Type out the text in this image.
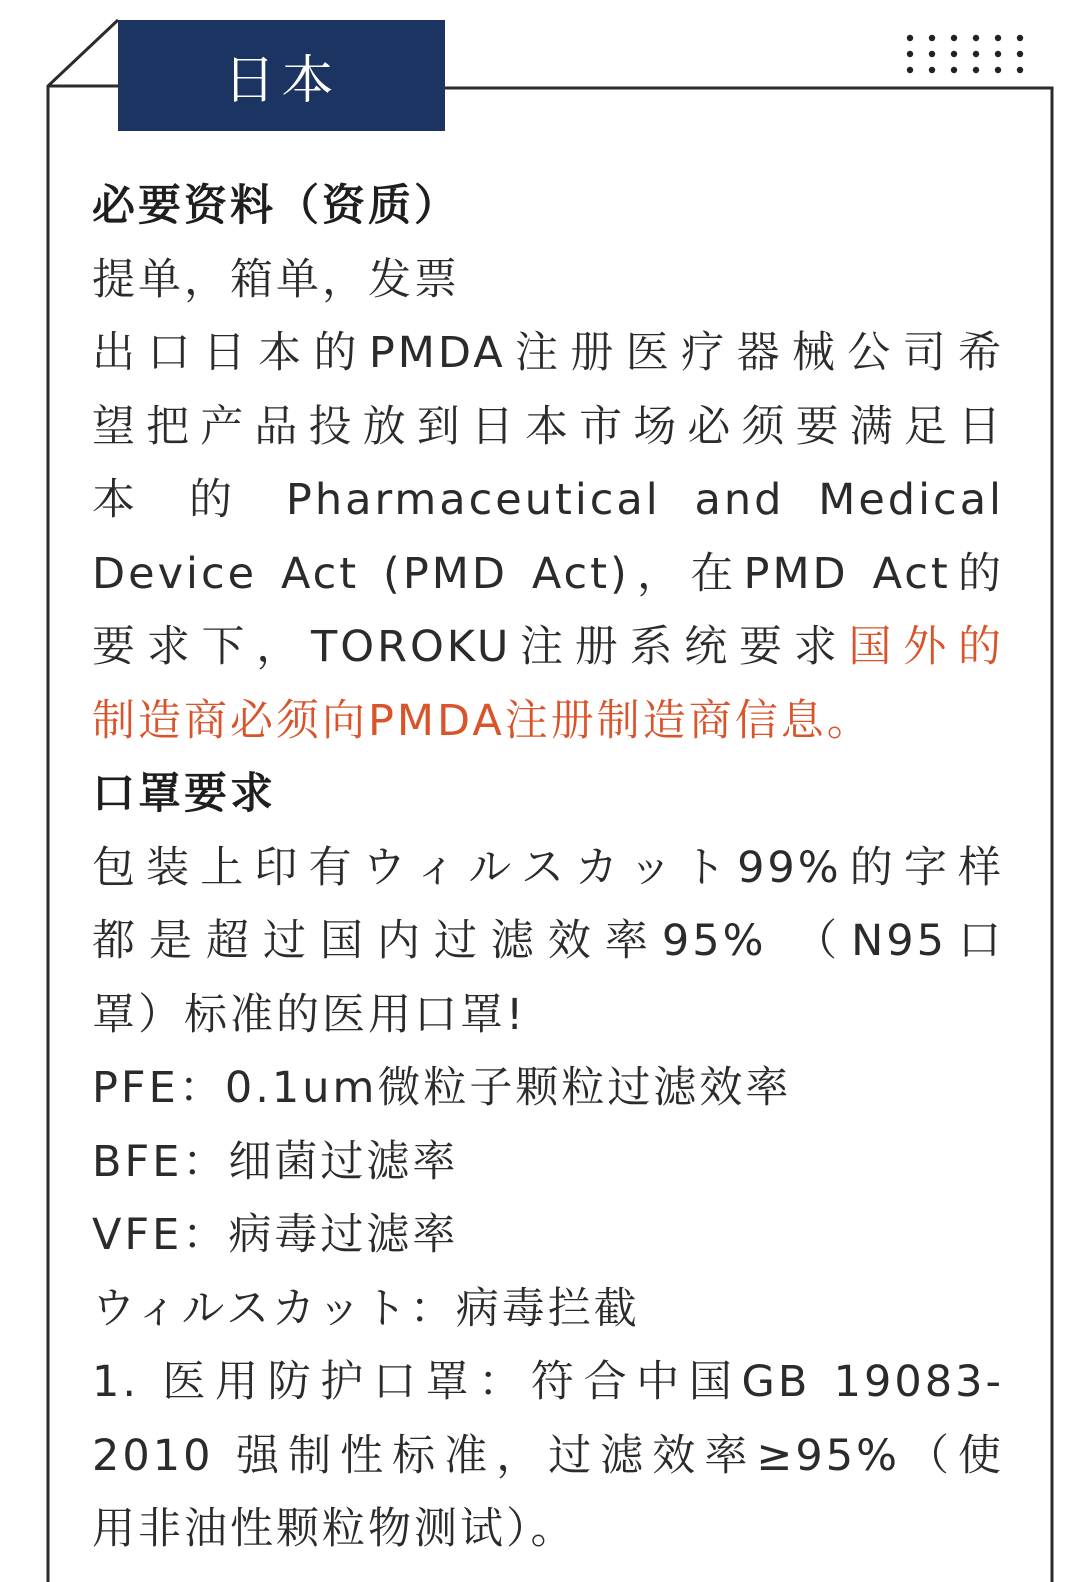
日本
必要资料（资质）
提单，箱单，发票
出口日本的PMDA注册医疗器械公司希
望把产品投放到日本市场必须要满足日
本 的 Pharmaceutical and Medical
Device Act (PMD Act)，在PMD Act的
要求下，TOROKU注册系统要求国外的
制造商必须向PMDA注册制造商信息。
口罩要求
包装上印有ウィルスカット99%的字样
都是超过国内过滤效率95% （N95口
罩）标准的医用口罩!
PFE：0.1um微粒子颗粒过滤效率
BFE：细菌过滤率
VFE：病毒过滤率
ウィルスカット：病毒拦截
1. 医用防护口罩：符合中国GB 19083-
2010 强制性标准，过滤效率≥95%（使
用非油性颗粒物测试）。
